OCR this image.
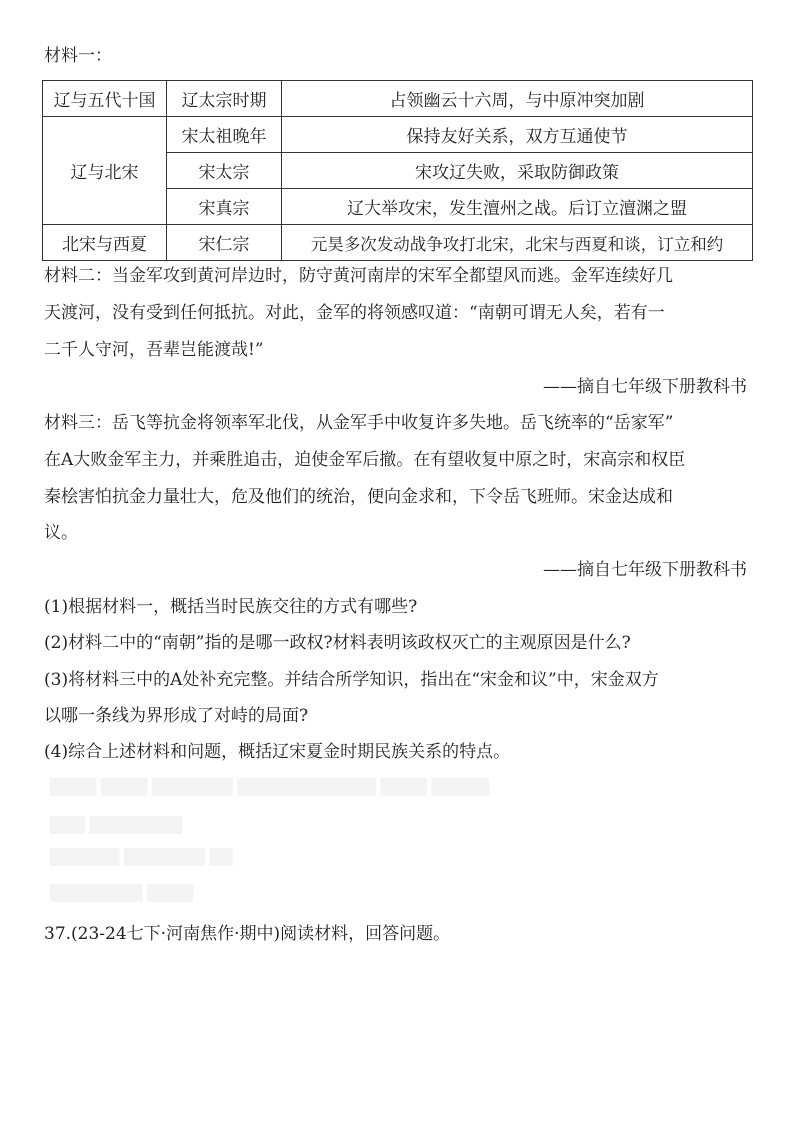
材料一：
辽与五代十国	辽太宗时期	占领幽云十六周，与中原冲突加剧
辽与北宋	宋太祖晚年	保持友好关系，双方互通使节
	宋太宗	宋攻辽失败，采取防御政策
	宋真宗	辽大举攻宋，发生澶州之战。后订立澶渊之盟
北宋与西夏	宋仁宗	元昊多次发动战争攻打北宋，北宋与西夏和谈，订立和约
材料二：当金军攻到黄河岸边时，防守黄河南岸的宋军全都望风而逃。金军连续好几
天渡河，没有受到任何抵抗。对此，金军的将领感叹道：“南朝可谓无人矣，若有一
二千人守河，吾辈岂能渡哉!”
——摘自七年级下册教科书
材料三：岳飞等抗金将领率军北伐，从金军手中收复许多失地。岳飞统率的“岳家军”
在A大败金军主力，并乘胜追击，迫使金军后撤。在有望收复中原之时，宋高宗和权臣
秦桧害怕抗金力量壮大，危及他们的统治，便向金求和，下令岳飞班师。宋金达成和
议。
——摘自七年级下册教科书
(1)根据材料一，概括当时民族交往的方式有哪些?
(2)材料二中的“南朝”指的是哪一政权?材料表明该政权灭亡的主观原因是什么?
(3)将材料三中的A处补充完整。并结合所学知识，指出在“宋金和议”中，宋金双方
以哪一条线为界形成了对峙的局面?
(4)综合上述材料和问题，概括辽宋夏金时期民族关系的特点。
████ ████ ███████ ████████████ ████ █████
███ ████████
██████ ███████ ██
████████ ████
37.(23-24七下·河南焦作·期中)阅读材料，回答问题。
